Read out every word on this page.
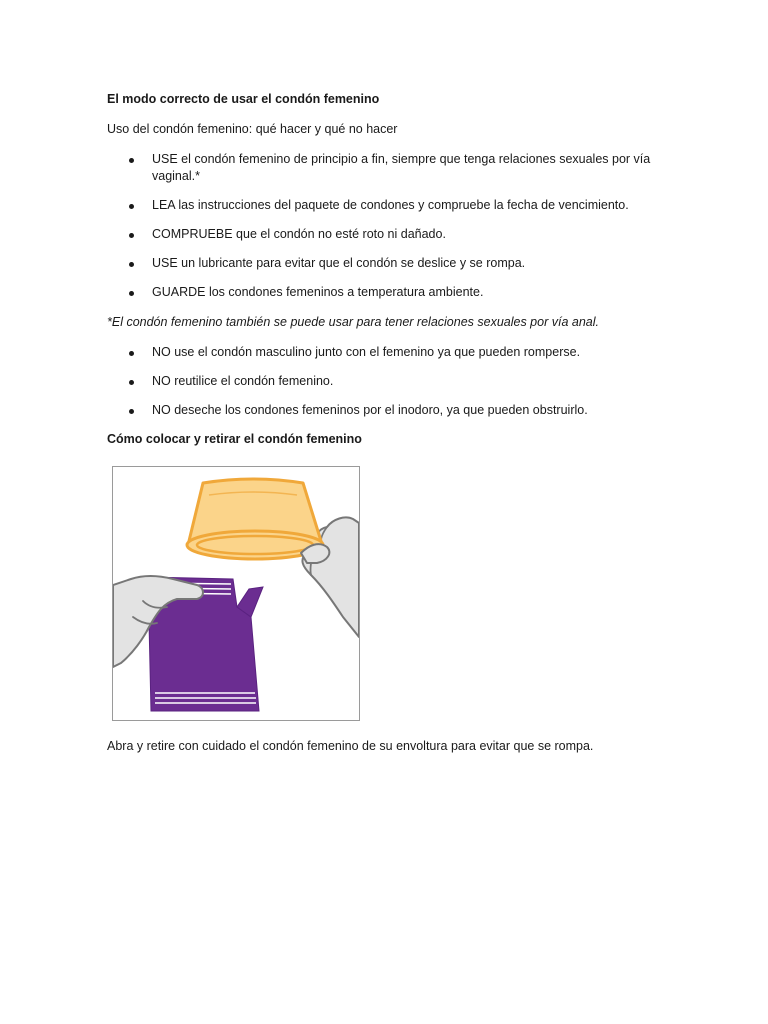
El modo correcto de usar el condón femenino
Uso del condón femenino: qué hacer y qué no hacer
USE el condón femenino de principio a fin, siempre que tenga relaciones sexuales por vía vaginal.*
LEA las instrucciones del paquete de condones y compruebe la fecha de vencimiento.
COMPRUEBE que el condón no esté roto ni dañado.
USE un lubricante para evitar que el condón se deslice y se rompa.
GUARDE los condones femeninos a temperatura ambiente.
*El condón femenino también se puede usar para tener relaciones sexuales por vía anal.
NO use el condón masculino junto con el femenino ya que pueden romperse.
NO reutilice el condón femenino.
NO deseche los condones femeninos por el inodoro, ya que pueden obstruirlo.
Cómo colocar y retirar el condón femenino
Abra y retire con cuidado el condón femenino de su envoltura para evitar que se rompa.
